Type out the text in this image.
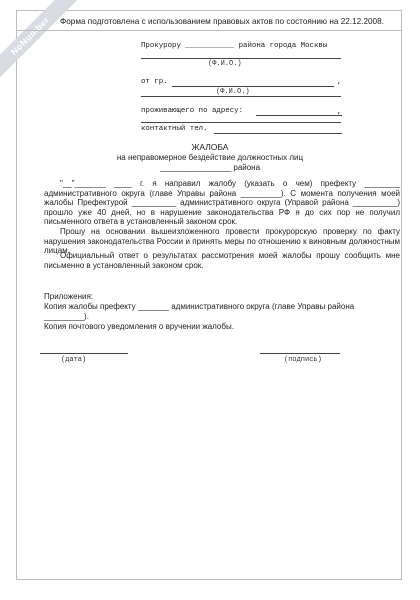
NoNumber	Форма подготовлена с использованием правовых актов по состоянию на 22.12.2008.
Прокурору ___________ района города Москвы
(Ф.И.О.)
от гр.	,
(Ф.И.О.)
проживающего по адресу:	,
контактный тел.
ЖАЛОБА
на неправомерное бездействие должностных лиц
________________ района
"__"_______ ____ г. я направил жалобу (указать о чем) префекту ________ административного округа (главе Управы района _________). С момента получения моей жалобы Префектурой __________ административного округа (Управой района __________) прошло уже 40 дней, но в нарушение законодательства РФ я до сих пор не получил письменного ответа в установленный законом срок.
Прошу на основании вышеизложенного провести прокурорскую проверку по факту нарушения законодательства России и принять меры по отношению к виновным должностным лицам.
Официальный ответ о результатах рассмотрения моей жалобы прошу сообщить мне письменно в установленный законом срок.
Приложения:
Копия жалобы префекту _______ административного округа (главе Управы района
_________).
Копия почтового уведомления о вручении жалобы.
(дата)	(подпись)
